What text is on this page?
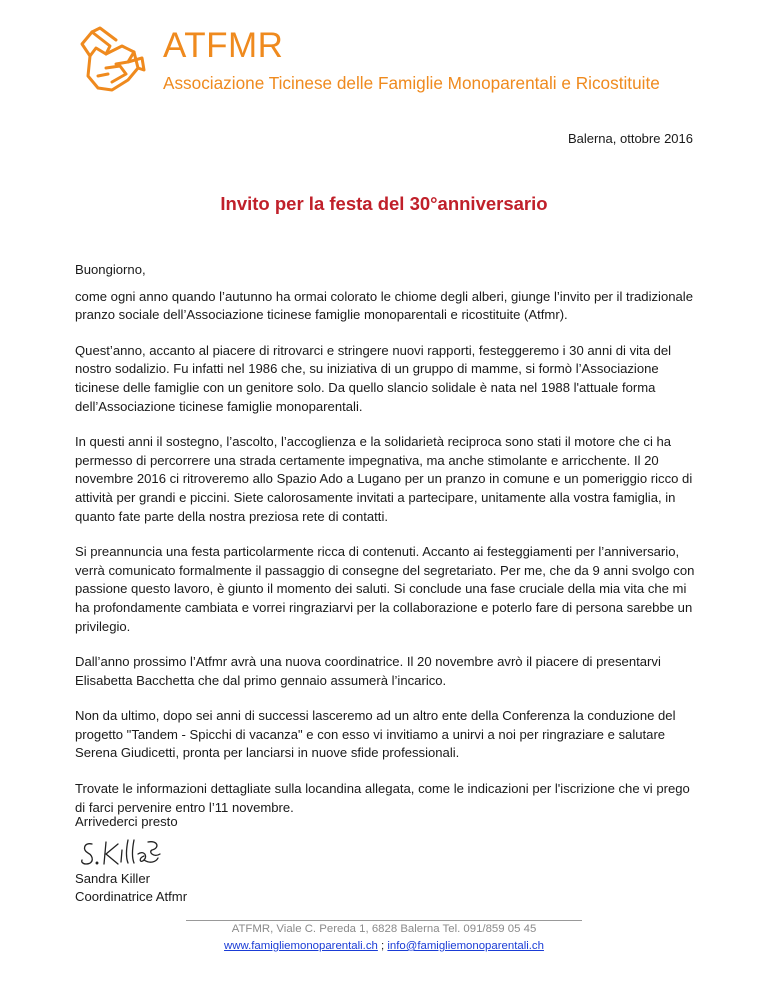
ATFMR
Associazione Ticinese delle Famiglie Monoparentali e Ricostituite
Balerna, ottobre 2016
Invito per la festa del 30°anniversario

Buongiorno,

come ogni anno quando l’autunno ha ormai colorato le chiome degli alberi, giunge l’invito per il tradizionale pranzo sociale dell’Associazione ticinese famiglie monoparentali e ricostituite (Atfmr).

Quest’anno, accanto al piacere di ritrovarci e stringere nuovi rapporti, festeggeremo i 30 anni di vita del nostro sodalizio. Fu infatti nel 1986 che, su iniziativa di un gruppo di mamme, si formò l’Associazione ticinese delle famiglie con un genitore solo. Da quello slancio solidale è nata nel 1988 l'attuale forma dell’Associazione ticinese famiglie monoparentali.

In questi anni il sostegno, l’ascolto, l’accoglienza e la solidarietà reciproca sono stati il motore che ci ha permesso di percorrere una strada certamente impegnativa, ma anche stimolante e arricchente. Il 20 novembre 2016 ci ritroveremo allo Spazio Ado a Lugano per un pranzo in comune e un pomeriggio ricco di attività per grandi e piccini. Siete calorosamente invitati a partecipare, unitamente alla vostra famiglia, in quanto fate parte della nostra preziosa rete di contatti.

Si preannuncia una festa particolarmente ricca di contenuti. Accanto ai festeggiamenti per l’anniversario, verrà comunicato formalmente il passaggio di consegne del segretariato. Per me, che da 9 anni svolgo con passione questo lavoro, è giunto il momento dei saluti. Si conclude una fase cruciale della mia vita che mi ha profondamente cambiata e vorrei ringraziarvi per la collaborazione e poterlo fare di persona sarebbe un privilegio.

Dall’anno prossimo l’Atfmr avrà una nuova coordinatrice. Il 20 novembre avrò il piacere di presentarvi Elisabetta Bacchetta che dal primo gennaio assumerà l’incarico.

Non da ultimo, dopo sei anni di successi lasceremo ad un altro ente della Conferenza la conduzione del progetto "Tandem - Spicchi di vacanza" e con esso vi invitiamo a unirvi a noi per ringraziare e salutare Serena Giudicetti, pronta per lanciarsi in nuove sfide professionali.

Trovate le informazioni dettagliate sulla locandina allegata, come le indicazioni per l'iscrizione che vi prego di farci pervenire entro l’11 novembre.

Arrivederci presto
Sandra Killer
Coordinatrice Atfmr
ATFMR, Viale C. Pereda 1, 6828 Balerna Tel. 091/859 05 45
www.famigliemonoparentali.ch ; info@famigliemonoparentali.ch
